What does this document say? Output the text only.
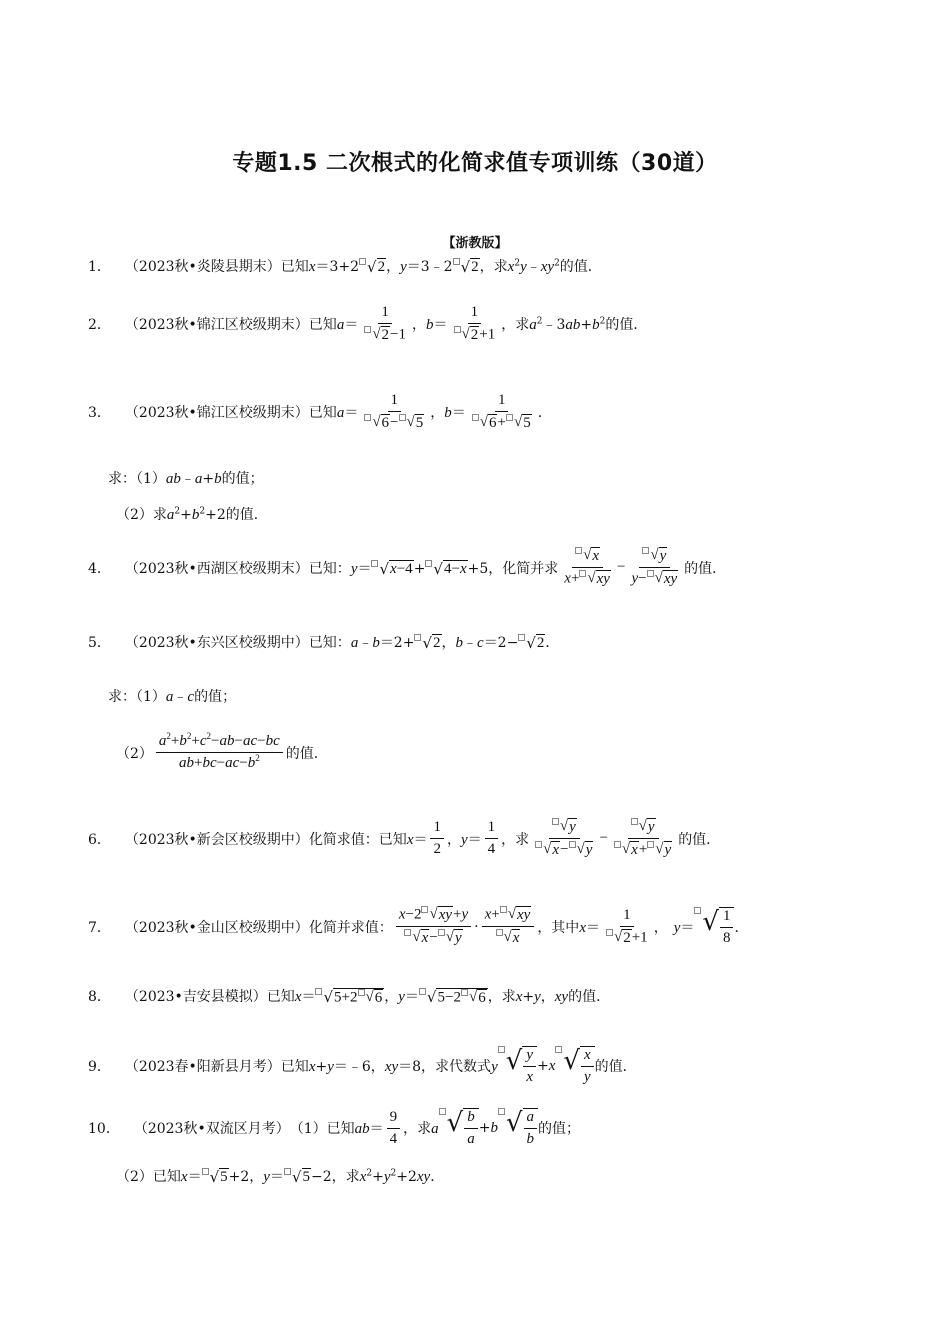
专题1.5 二次根式的化简求值专项训练（30道）
【浙教版】
1． （2023秋•炎陵县期末） 已知x＝3+2 √ 2 ，y＝3﹣2 √ 2 ，求$x^2y﹣xy^2$的值．
2． （2023秋•锦江区校级期末） 已知$a= \frac{1}{√ 2 -1}$ ，$b= \frac{1}{√ 2 +1}$ ，求$a^2﹣3ab+b^2$的值．
3． （2023秋•锦江区校级期末） 已知$a= \frac{1}{√ 6 - √ 5}$ ，$b= \frac{1}{√ 6 + √ 5}$ ．
求：（1）ab﹣a+b的值；
（2）求$a^2+b^2+2$的值．
4． （2023秋•西湖区校级期末） 已知：y＝ √ x−4 + √ 4−x +5，化简并求 $\frac{√ x}{x+ √ xy} - \frac{√ y}{y- √ xy}$ 的值．
5． （2023秋•东兴区校级期中） 已知：a﹣b＝2+ √ 2 ，b﹣c＝2− √ 2 ．
求：（1）a﹣c的值；
$(2) \frac{a^2+b^2+c^2-ab-ac-bc}{ab+bc-ac-b^2}$ 的值．
6． （2023秋•新会区校级期中） 化简求值：已知$x= \frac{1}{2}$ ，$y= \frac{1}{4}$ ，求 $\frac{√ y}{√ x - √ y} - \frac{√ y}{√ x + √ y}$ 的值．
7． （2023秋•金山区校级期中） 化简并求值： $\frac{x-2 √ xy +y}{√ x - √ y} \cdot \frac{x+ √ xy}{√ x}$ ，其中$x= \frac{1}{√ 2 +1}$ ， y＝ √ $\frac{1}{8}$ ．
8． （2023•吉安县模拟） 已知x＝ √ 5+2 √ 6 ，y＝ √ 5−2 √ 6 ，求x+y，xy的值．
9． （2023春•阳新县月考） 已知x+y＝﹣6，xy＝8，求代数式y √ $\frac{y}{x} +x$ √ $\frac{x}{y}$ 的值．
10． （2023秋•双流区月考） （1）已知$ab= \frac{9}{4}$ ，求a √ $\frac{b}{a} +b$ √ $\frac{a}{b}$ 的值；
（2）已知x＝ √ 5 +2，y＝ √ 5 −2，求$x^2+y^2+2xy$．
